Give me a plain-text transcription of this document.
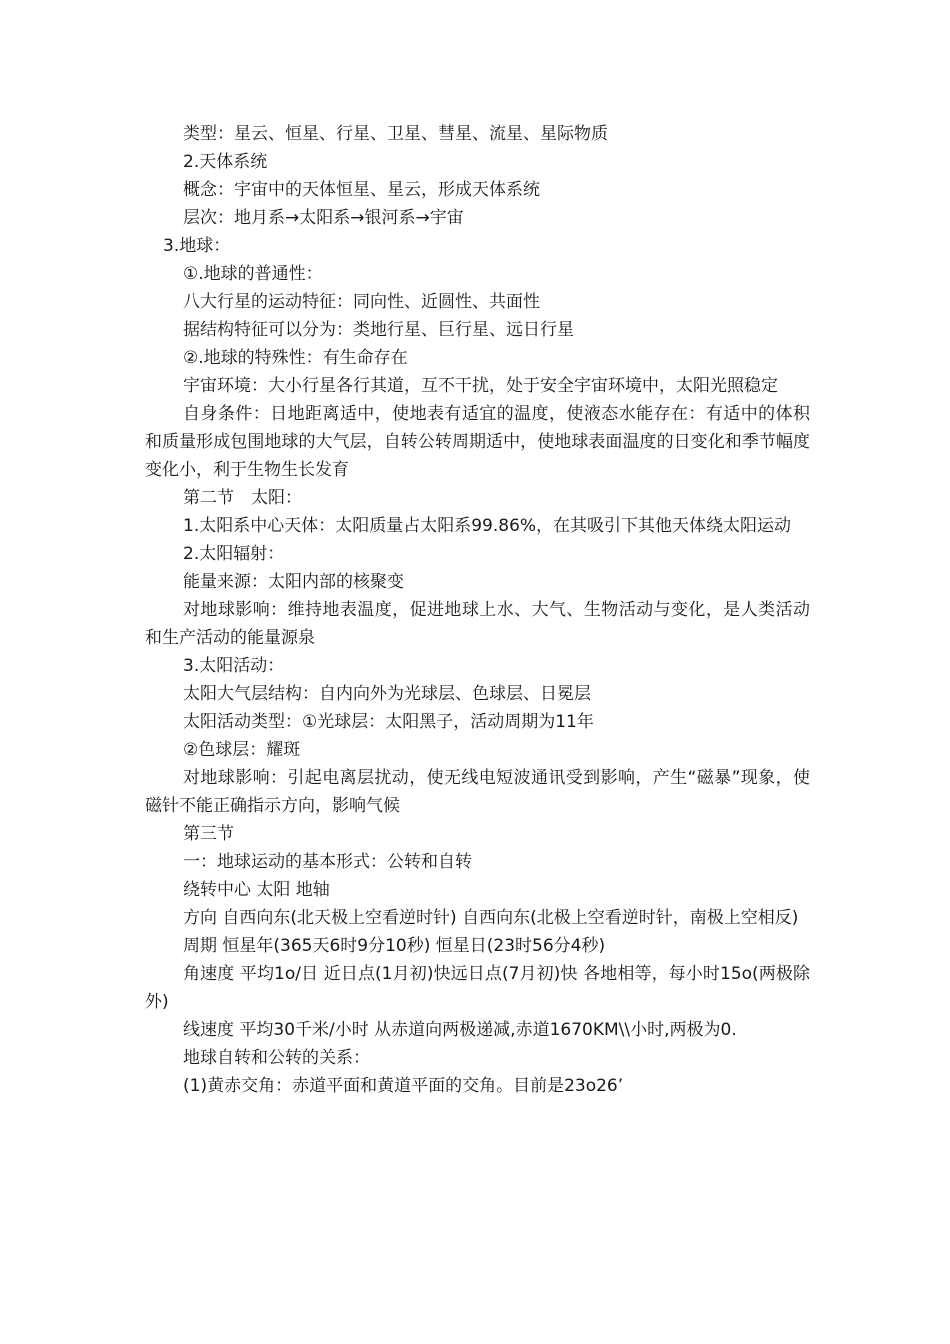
类型：星云、恒星、行星、卫星、彗星、流星、星际物质

2.天体系统

概念：宇宙中的天体恒星、星云，形成天体系统

层次：地月系→太阳系→银河系→宇宙

3.地球：

①.地球的普通性：

八大行星的运动特征：同向性、近圆性、共面性

据结构特征可以分为：类地行星、巨行星、远日行星

②.地球的特殊性：有生命存在

宇宙环境：大小行星各行其道，互不干扰，处于安全宇宙环境中，太阳光照稳定

自身条件：日地距离适中，使地表有适宜的温度，使液态水能存在：有适中的体积和质量形成包围地球的大气层，自转公转周期适中，使地球表面温度的日变化和季节幅度变化小，利于生物生长发育

第二节　太阳：

1.太阳系中心天体：太阳质量占太阳系99.86%，在其吸引下其他天体绕太阳运动

2.太阳辐射：

能量来源：太阳内部的核聚变

对地球影响：维持地表温度，促进地球上水、大气、生物活动与变化，是人类活动和生产活动的能量源泉

3.太阳活动：

太阳大气层结构：自内向外为光球层、色球层、日冕层

太阳活动类型：①光球层：太阳黑子，活动周期为11年

②色球层：耀斑

对地球影响：引起电离层扰动，使无线电短波通讯受到影响，产生“磁暴”现象，使磁针不能正确指示方向，影响气候

第三节

一：地球运动的基本形式：公转和自转

绕转中心 太阳 地轴

方向 自西向东(北天极上空看逆时针) 自西向东(北极上空看逆时针，南极上空相反)

周期 恒星年(365天6时9分10秒) 恒星日(23时56分4秒)

角速度 平均1o/日 近日点(1月初)快远日点(7月初)快 各地相等，每小时15o(两极除外)

线速度 平均30千米/小时 从赤道向两极递减,赤道1670KM\\小时,两极为0.

地球自转和公转的关系：

(1)黄赤交角：赤道平面和黄道平面的交角。目前是23o26’
